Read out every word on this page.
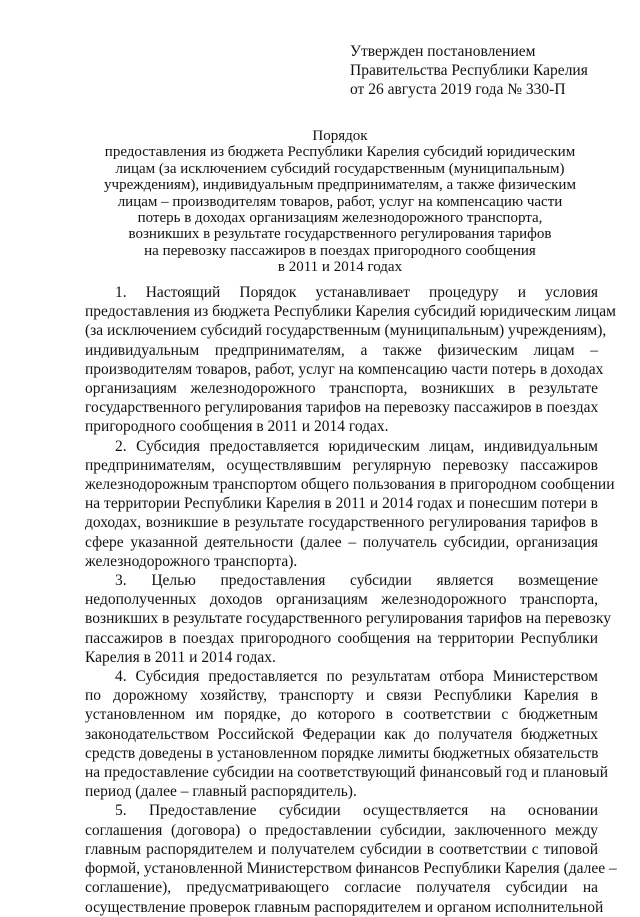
Утвержден постановлением
Правительства Республики Карелия
от 26 августа 2019 года № 330-П
Порядок
предоставления из бюджета Республики Карелия субсидий юридическим
лицам (за исключением субсидий государственным (муниципальным)
учреждениям), индивидуальным предпринимателям, а также физическим
лицам – производителям товаров, работ, услуг на компенсацию части
потерь в доходах организациям железнодорожного транспорта,
возникших в результате государственного регулирования тарифов
на перевозку пассажиров в поездах пригородного сообщения
в 2011 и 2014 годах
1. Настоящий Порядок устанавливает процедуру и условия
предоставления из бюджета Республики Карелия субсидий юридическим лицам
(за исключением субсидий государственным (муниципальным) учреждениям),
индивидуальным предпринимателям, а также физическим лицам –
производителям товаров, работ, услуг на компенсацию части потерь в доходах
организациям железнодорожного транспорта, возникших в результате
государственного регулирования тарифов на перевозку пассажиров в поездах
пригородного сообщения в 2011 и 2014 годах.
2. Субсидия предоставляется юридическим лицам, индивидуальным
предпринимателям, осуществлявшим регулярную перевозку пассажиров
железнодорожным транспортом общего пользования в пригородном сообщении
на территории Республики Карелия в 2011 и 2014 годах и понесшим потери в
доходах, возникшие в результате государственного регулирования тарифов в
сфере указанной деятельности (далее – получатель субсидии, организация
железнодорожного транспорта).
3. Целью предоставления субсидии является возмещение
недополученных доходов организациям железнодорожного транспорта,
возникших в результате государственного регулирования тарифов на перевозку
пассажиров в поездах пригородного сообщения на территории Республики
Карелия в 2011 и 2014 годах.
4. Субсидия предоставляется по результатам отбора Министерством
по дорожному хозяйству, транспорту и связи Республики Карелия в
установленном им порядке, до которого в соответствии с бюджетным
законодательством Российской Федерации как до получателя бюджетных
средств доведены в установленном порядке лимиты бюджетных обязательств
на предоставление субсидии на соответствующий финансовый год и плановый
период (далее – главный распорядитель).
5. Предоставление субсидии осуществляется на основании
соглашения (договора) о предоставлении субсидии, заключенного между
главным распорядителем и получателем субсидии в соответствии с типовой
формой, установленной Министерством финансов Республики Карелия (далее –
соглашение), предусматривающего согласие получателя субсидии на
осуществление проверок главным распорядителем и органом исполнительной
